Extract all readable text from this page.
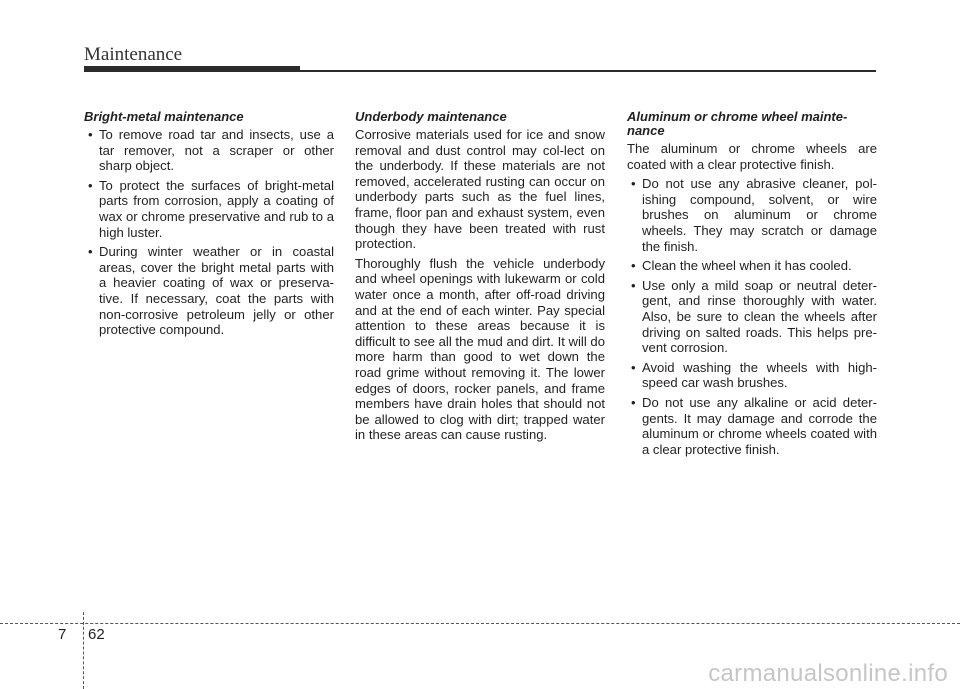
Maintenance
Bright-metal maintenance
• To remove road tar and insects, use a tar remover, not a scraper or other sharp object.
• To protect the surfaces of bright-metal parts from corrosion, apply a coating of wax or chrome preservative and rub to a high luster.
• During winter weather or in coastal areas, cover the bright metal parts with a heavier coating of wax or preserva-tive. If necessary, coat the parts with non-corrosive petroleum jelly or other protective compound.
Underbody maintenance

Corrosive materials used for ice and snow removal and dust control may col-lect on the underbody. If these materials are not removed, accelerated rusting can occur on underbody parts such as the fuel lines, frame, floor pan and exhaust system, even though they have been treated with rust protection.

Thoroughly flush the vehicle underbody and wheel openings with lukewarm or cold water once a month, after off-road driving and at the end of each winter. Pay special attention to these areas because it is difficult to see all the mud and dirt. It will do more harm than good to wet down the road grime without removing it. The lower edges of doors, rocker panels, and frame members have drain holes that should not be allowed to clog with dirt; trapped water in these areas can cause rusting.

Aluminum or chrome wheel mainte-nance

The aluminum or chrome wheels are coated with a clear protective finish.

• Do not use any abrasive cleaner, pol-ishing compound, solvent, or wire brushes on aluminum or chrome wheels. They may scratch or damage the finish.
• Clean the wheel when it has cooled.
• Use only a mild soap or neutral deter-gent, and rinse thoroughly with water. Also, be sure to clean the wheels after driving on salted roads. This helps pre-vent corrosion.
• Avoid washing the wheels with high-speed car wash brushes.
• Do not use any alkaline or acid deter-gents. It may damage and corrode the aluminum or chrome wheels coated with a clear protective finish.
7 62
carmanualsonline.info
